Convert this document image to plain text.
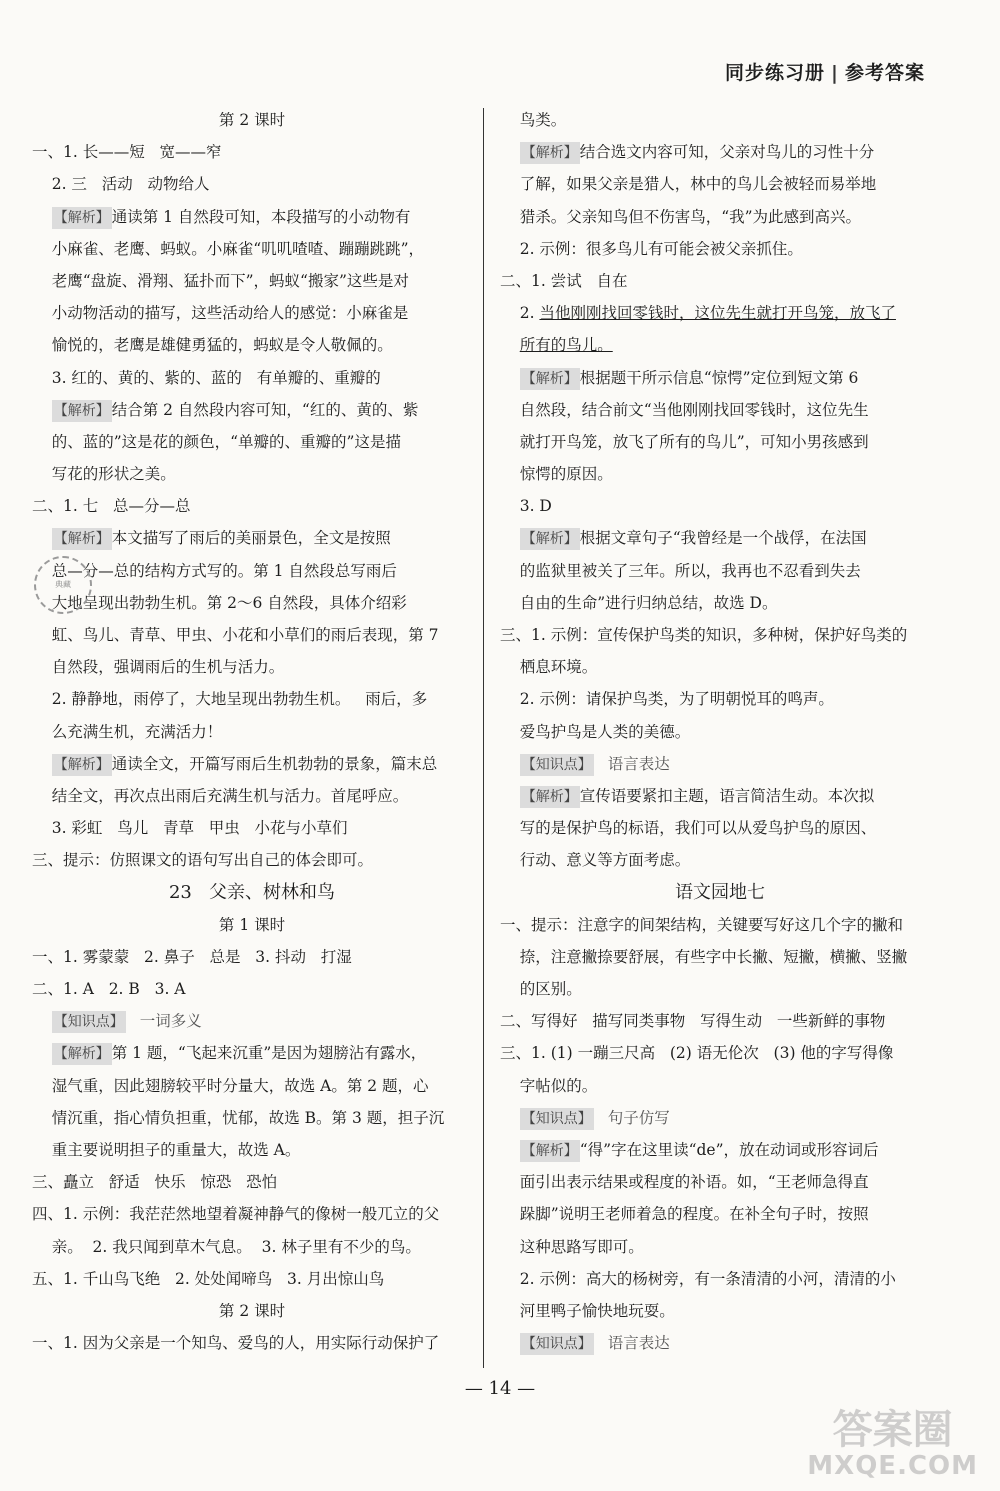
同步练习册 | 参考答案
第 2 课时
一、1. 长——短   宽——窄
2. 三   活动   动物给人
【解析】 通读第 1 自然段可知，本段描写的小动物有
小麻雀、老鹰、蚂蚁。小麻雀“叽叽喳喳、蹦蹦跳跳”，
老鹰“盘旋、滑翔、猛扑而下”，蚂蚁“搬家”这些是对
小动物活动的描写，这些活动给人的感觉：小麻雀是
愉悦的，老鹰是雄健勇猛的，蚂蚁是令人敬佩的。
3. 红的、黄的、紫的、蓝的   有单瓣的、重瓣的
【解析】 结合第 2 自然段内容可知，“红的、黄的、紫
的、蓝的”这是花的颜色，“单瓣的、重瓣的”这是描
写花的形状之美。
二、1. 七   总—分—总
【解析】 本文描写了雨后的美丽景色，全文是按照
总—分—总的结构方式写的。第 1 自然段总写雨后
大地呈现出勃勃生机。第 2～6 自然段，具体介绍彩
虹、鸟儿、青草、甲虫、小花和小草们的雨后表现，第 7
自然段，强调雨后的生机与活力。
2. 静静地，雨停了，大地呈现出勃勃生机。   雨后，多
么充满生机，充满活力！
【解析】 通读全文，开篇写雨后生机勃勃的景象，篇末总
结全文，再次点出雨后充满生机与活力。首尾呼应。
3. 彩虹   鸟儿   青草   甲虫   小花与小草们
三、提示：仿照课文的语句写出自己的体会即可。
23   父亲、树林和鸟
第 1 课时
一、1. 雾蒙蒙   2. 鼻子   总是   3. 抖动   打湿
二、1. A   2. B   3. A
【知识点】 一词多义
【解析】 第 1 题，“飞起来沉重”是因为翅膀沾有露水，
湿气重，因此翅膀较平时分量大，故选 A。第 2 题，心
情沉重，指心情负担重，忧郁，故选 B。第 3 题，担子沉
重主要说明担子的重量大，故选 A。
三、矗立   舒适   快乐   惊恐   恐怕
四、1. 示例：我茫茫然地望着凝神静气的像树一般兀立的父
亲。  2. 我只闻到草木气息。  3. 林子里有不少的鸟。
五、1. 千山鸟飞绝   2. 处处闻啼鸟   3. 月出惊山鸟
第 2 课时
一、1. 因为父亲是一个知鸟、爱鸟的人，用实际行动保护了
鸟类。
【解析】 结合选文内容可知，父亲对鸟儿的习性十分
了解，如果父亲是猎人，林中的鸟儿会被轻而易举地
猎杀。父亲知鸟但不伤害鸟，“我”为此感到高兴。
2. 示例：很多鸟儿有可能会被父亲抓住。
二、1. 尝试   自在
2. 当他刚刚找回零钱时，这位先生就打开鸟笼，放飞了
所有的鸟儿。
【解析】 根据题干所示信息“惊愕”定位到短文第 6
自然段，结合前文“当他刚刚找回零钱时，这位先生
就打开鸟笼，放飞了所有的鸟儿”，可知小男孩感到
惊愕的原因。
3. D
【解析】 根据文章句子“我曾经是一个战俘，在法国
的监狱里被关了三年。所以，我再也不忍看到失去
自由的生命”进行归纳总结，故选 D。
三、1. 示例：宣传保护鸟类的知识，多种树，保护好鸟类的
栖息环境。
2. 示例：请保护鸟类，为了明朝悦耳的鸣声。
爱鸟护鸟是人类的美德。
【知识点】 语言表达
【解析】 宣传语要紧扣主题，语言简洁生动。本次拟
写的是保护鸟的标语，我们可以从爱鸟护鸟的原因、
行动、意义等方面考虑。
语文园地七
一、提示：注意字的间架结构，关键要写好这几个字的撇和
捺，注意撇捺要舒展，有些字中长撇、短撇，横撇、竖撇
的区别。
二、写得好   描写同类事物   写得生动   一些新鲜的事物
三、1. (1) 一蹦三尺高   (2) 语无伦次   (3) 他的字写得像
字帖似的。
【知识点】 句子仿写
【解析】 “得”字在这里读“de”，放在动词或形容词后
面引出表示结果或程度的补语。如，“王老师急得直
跺脚”说明王老师着急的程度。在补全句子时，按照
这种思路写即可。
2. 示例：高大的杨树旁，有一条清清的小河，清清的小
河里鸭子愉快地玩耍。
【知识点】 语言表达
典藏
— 14 —
答案圈
MXQE.COM
